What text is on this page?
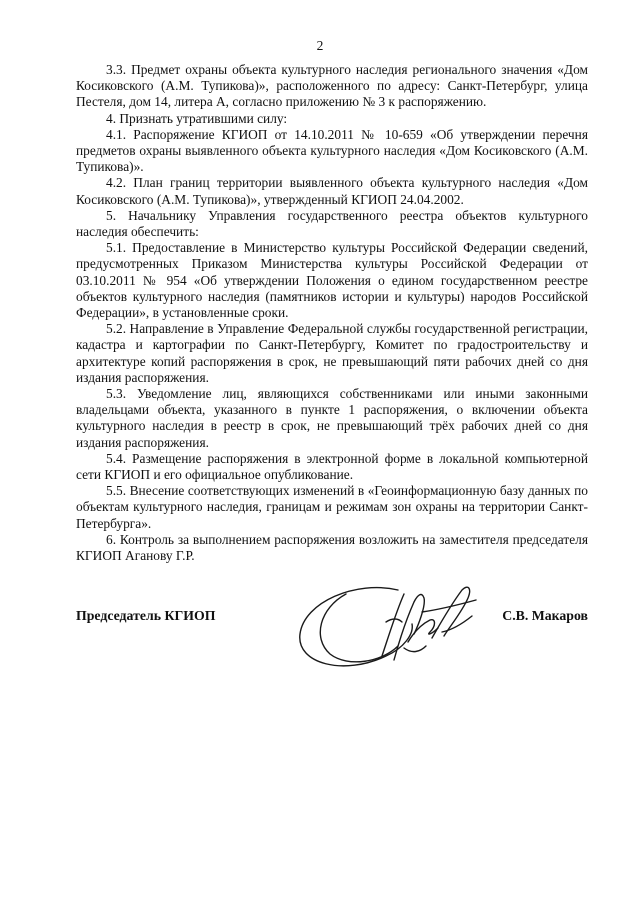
2

3.3. Предмет охраны объекта культурного наследия регионального значения «Дом Косиковского (А.М. Тупикова)», расположенного по адресу: Санкт-Петербург, улица Пестеля, дом 14, литера А, согласно приложению № 3 к распоряжению.

4. Признать утратившими силу:

4.1. Распоряжение КГИОП от 14.10.2011 № 10-659 «Об утверждении перечня предметов охраны выявленного объекта культурного наследия «Дом Косиковского (А.М. Тупикова)».

4.2. План границ территории выявленного объекта культурного наследия «Дом Косиковского (А.М. Тупикова)», утвержденный КГИОП 24.04.2002.

5. Начальнику Управления государственного реестра объектов культурного наследия обеспечить:

5.1. Предоставление в Министерство культуры Российской Федерации сведений, предусмотренных Приказом Министерства культуры Российской Федерации от 03.10.2011 № 954 «Об утверждении Положения о едином государственном реестре объектов культурного наследия (памятников истории и культуры) народов Российской Федерации», в установленные сроки.

5.2. Направление в Управление Федеральной службы государственной регистрации, кадастра и картографии по Санкт-Петербургу, Комитет по градостроительству и архитектуре копий распоряжения в срок, не превышающий пяти рабочих дней со дня издания распоряжения.

5.3. Уведомление лиц, являющихся собственниками или иными законными владельцами объекта, указанного в пункте 1 распоряжения, о включении объекта культурного наследия в реестр в срок, не превышающий трёх рабочих дней со дня издания распоряжения.

5.4. Размещение распоряжения в электронной форме в локальной компьютерной сети КГИОП и его официальное опубликование.

5.5. Внесение соответствующих изменений в «Геоинформационную базу данных по объектам культурного наследия, границам и режимам зон охраны на территории Санкт-Петербурга».

6. Контроль за выполнением распоряжения возложить на заместителя председателя КГИОП Аганову Г.Р.

Председатель КГИОП	С.В. Макаров
